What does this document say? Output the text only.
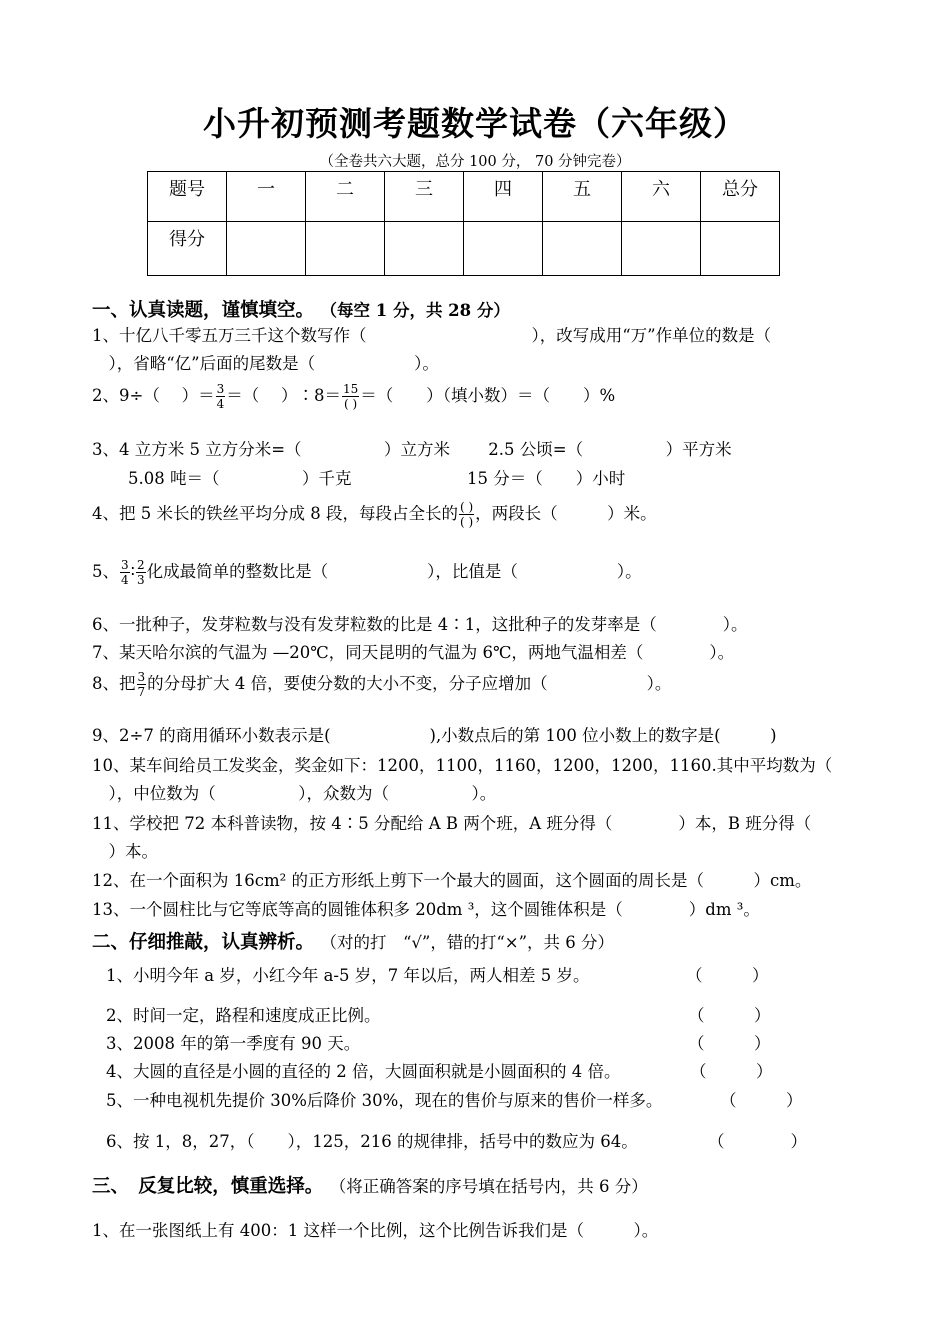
小升初预测考题数学试卷（六年级）
（全卷共六大题，总分 100 分， 70 分钟完卷）
题号	一	二	三	四	五	六	总分
得分							
一、认真读题，谨慎填空。 （每空 1 分，共 28 分）
1、十亿八千零五万三千这个数写作（　　　　　　　　　　），改写成用“万”作单位的数是（
　），省略“亿”后面的尾数是（　　　　　　）。
2、9÷（　 ）＝ $\frac{3}{4}$ ＝（　 ）∶8＝ $\frac{15}{( )}$ ＝（　　）（填小数）＝（　　）%
3、4 立方米 5 立方分米=（　　　　　）立方米　　 2.5 公顷=（　　　　　）平方米
5.08 吨＝（　　　　　）千克　　　　　　　15 分＝（　　）小时
4、把 5 米长的铁丝平均分成 8 段，每段占全长的 $\frac{( )}{( )}$ ，两段长（　　　）米。
5、 $\frac{3}{4}$ ∶ $\frac{2}{3}$ 化成最简单的整数比是（　　　　　　），比值是（　　　　　　）。
6、一批种子，发芽粒数与没有发芽粒数的比是 4∶1，这批种子的发芽率是（　　　　）。
7、某天哈尔滨的气温为 —20℃，同天昆明的气温为 6℃，两地气温相差（　　　　）。
8、把 $\frac{3}{7}$ 的分母扩大 4 倍，要使分数的大小不变，分子应增加（　　　　　　）。
9、2÷7 的商用循环小数表示是(　　　　　　),小数点后的第 100 位小数上的数字是(　　　)
10、某车间给员工发奖金，奖金如下：1200，1100，1160，1200，1200，1160.其中平均数为（
　），中位数为（　　　　　），众数为（　　　　　）。
11、学校把 72 本科普读物，按 4∶5 分配给 A B 两个班，A 班分得（　　　　）本，B 班分得（
　）本。
12、在一个面积为 16cm² 的正方形纸上剪下一个最大的圆面，这个圆面的周长是（　　　）cm。
13、一个圆柱比与它等底等高的圆锥体积多 20dm ³，这个圆锥体积是（　　　　）dm ³。
二、仔细推敲，认真辨析。 （对的打　“√”，错的打“×”，共 6 分）
1、小明今年 a 岁，小红今年 a-5 岁，7 年以后，两人相差 5 岁。	（　　　）
2、时间一定，路程和速度成正比例。	（　　　）
3、2008 年的第一季度有 90 天。	（　　　）
4、大圆的直径是小圆的直径的 2 倍，大圆面积就是小圆面积的 4 倍。	（　　　）
5、一种电视机先提价 30%后降价 30%，现在的售价与原来的售价一样多。	（　　　）
6、按 1，8，27，（　　），125，216 的规律排，括号中的数应为 64。	（　　　　）
三、　反复比较，慎重选择。 （将正确答案的序号填在括号内，共 6 分）
1、在一张图纸上有 400：1 这样一个比例，这个比例告诉我们是（　　　）。
